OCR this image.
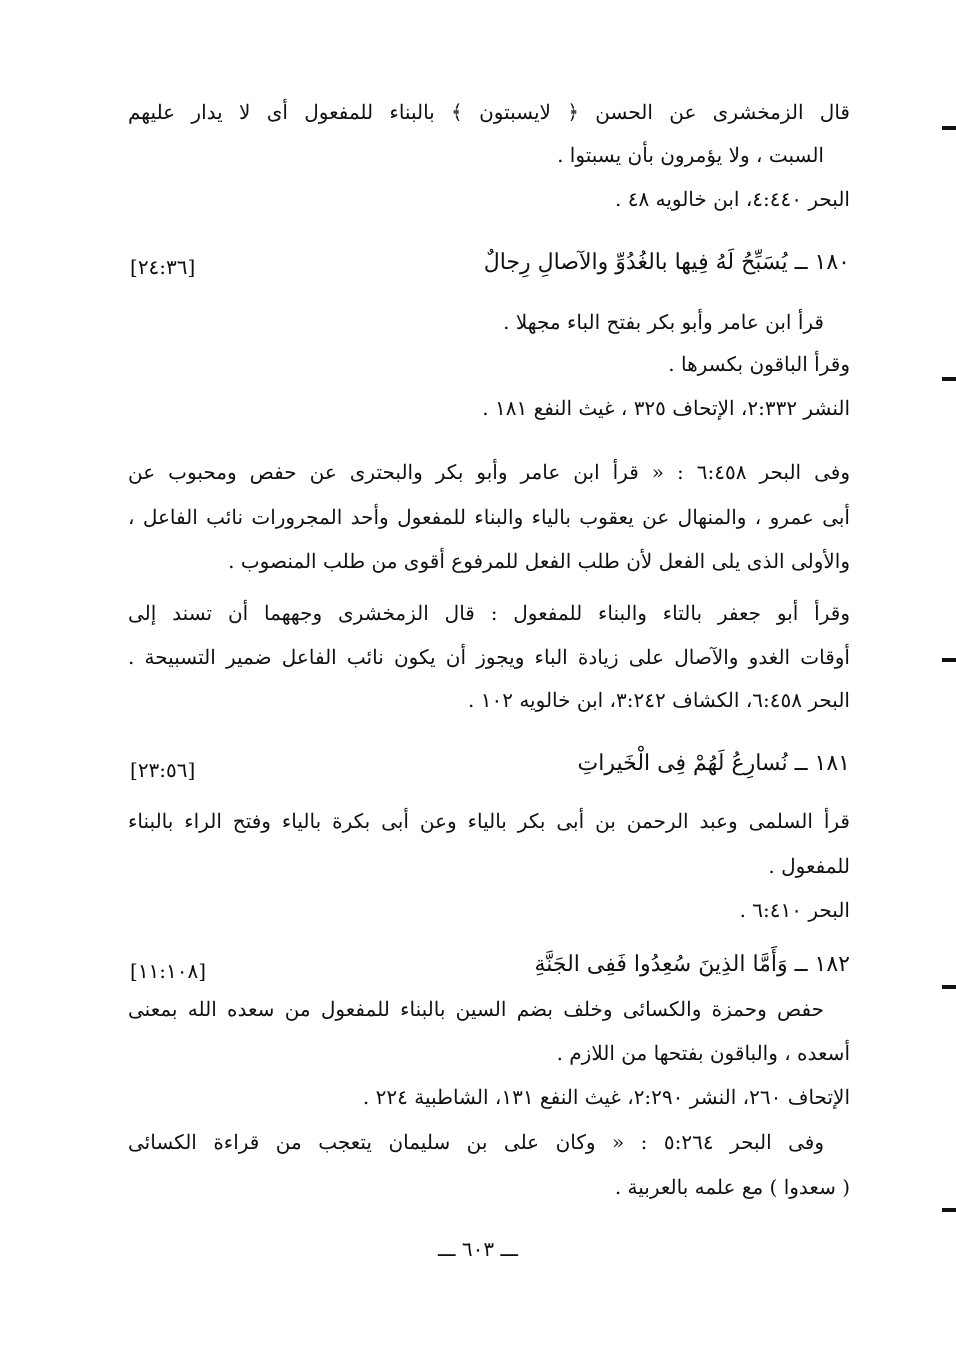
قال الزمخشرى عن الحسن ﴿ لايسبتون ﴾ بالبناء للمفعول أى لا يدار عليهم
السبت ، ولا يؤمرون بأن يسبتوا .
البحر ٤:٤٤٠، ابن خالويه ٤٨ .
١٨٠ ــ يُسَبِّحُ لَهُ فِيها بالغُدُوِّ والآصالِ رِجالٌ
[٢٤:٣٦]
قرأ ابن عامر وأبو بكر بفتح الباء مجهلا .
وقرأ الباقون بكسرها .
النشر ٢:٣٣٢، الإتحاف ٣٢٥ ، غيث النفع ١٨١ .
وفى البحر ٦:٤٥٨ : « قرأ ابن عامر وأبو بكر والبحترى عن حفص ومحبوب عن
أبى عمرو ، والمنهال عن يعقوب بالياء والبناء للمفعول وأحد المجرورات نائب الفاعل ،
والأولى الذى يلى الفعل لأن طلب الفعل للمرفوع أقوى من طلب المنصوب .
وقرأ أبو جعفر بالتاء والبناء للمفعول : قال الزمخشرى وجههما أن تسند إلى
أوقات الغدو والآصال على زيادة الباء ويجوز أن يكون نائب الفاعل ضمير التسبيحة .
البحر ٦:٤٥٨، الكشاف ٣:٢٤٢، ابن خالويه ١٠٢ .
١٨١ ــ نُسارِعُ لَهُمْ فِى الْخَيراتِ
[٢٣:٥٦]
قرأ السلمى وعبد الرحمن بن أبى بكر بالياء وعن أبى بكرة بالياء وفتح الراء بالبناء
للمفعول .
البحر ٦:٤١٠ .
١٨٢ ــ وَأَمَّا الذِينَ سُعِدُوا فَفِى الجَنَّةِ
[١١:١٠٨]
حفص وحمزة والكسائى وخلف بضم السين بالبناء للمفعول من سعده الله بمعنى
أسعده ، والباقون بفتحها من اللازم .
الإتحاف ٢٦٠، النشر ٢:٢٩٠، غيث النفع ١٣١، الشاطبية ٢٢٤ .
وفى البحر ٥:٢٦٤ : « وكان على بن سليمان يتعجب من قراءة الكسائى
( سعدوا ) مع علمه بالعربية .
ـــ ٦٠٣ ـــ
